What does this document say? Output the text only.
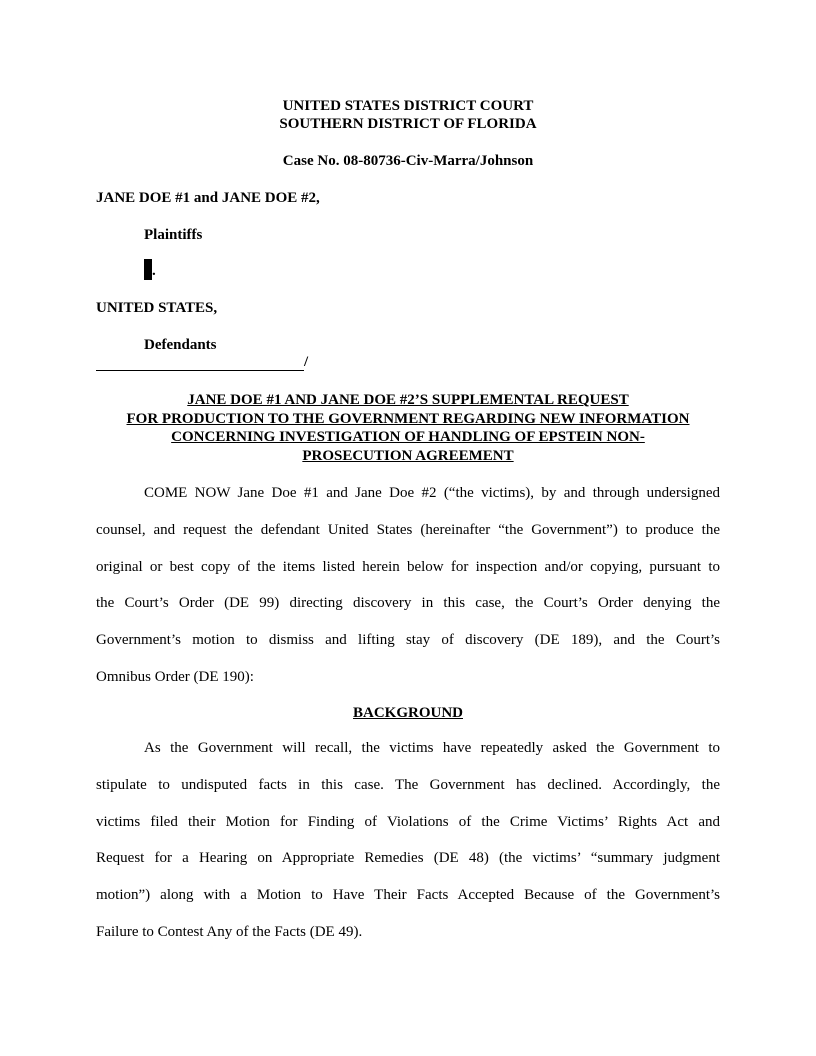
UNITED STATES DISTRICT COURT
SOUTHERN DISTRICT OF FLORIDA
Case No. 08-80736-Civ-Marra/Johnson
JANE DOE #1 and JANE DOE #2,
Plaintiffs
.
UNITED STATES,
Defendants
/
JANE DOE #1 AND JANE DOE #2’S SUPPLEMENTAL REQUEST
FOR PRODUCTION TO THE GOVERNMENT REGARDING NEW INFORMATION
CONCERNING INVESTIGATION OF HANDLING OF EPSTEIN NON-
PROSECUTION AGREEMENT
COME NOW Jane Doe #1 and Jane Doe #2 (“the victims), by and through undersigned
counsel, and request the defendant United States (hereinafter “the Government”) to produce the
original or best copy of the items listed herein below for inspection and/or copying, pursuant to
the Court’s Order (DE 99) directing discovery in this case, the Court’s Order denying the
Government’s motion to dismiss and lifting stay of discovery (DE 189), and the Court’s
Omnibus Order (DE 190):
BACKGROUND
As the Government will recall, the victims have repeatedly asked the Government to
stipulate to undisputed facts in this case. The Government has declined. Accordingly, the
victims filed their Motion for Finding of Violations of the Crime Victims’ Rights Act and
Request for a Hearing on Appropriate Remedies (DE 48) (the victims’ “summary judgment
motion”) along with a Motion to Have Their Facts Accepted Because of the Government’s
Failure to Contest Any of the Facts (DE 49).
